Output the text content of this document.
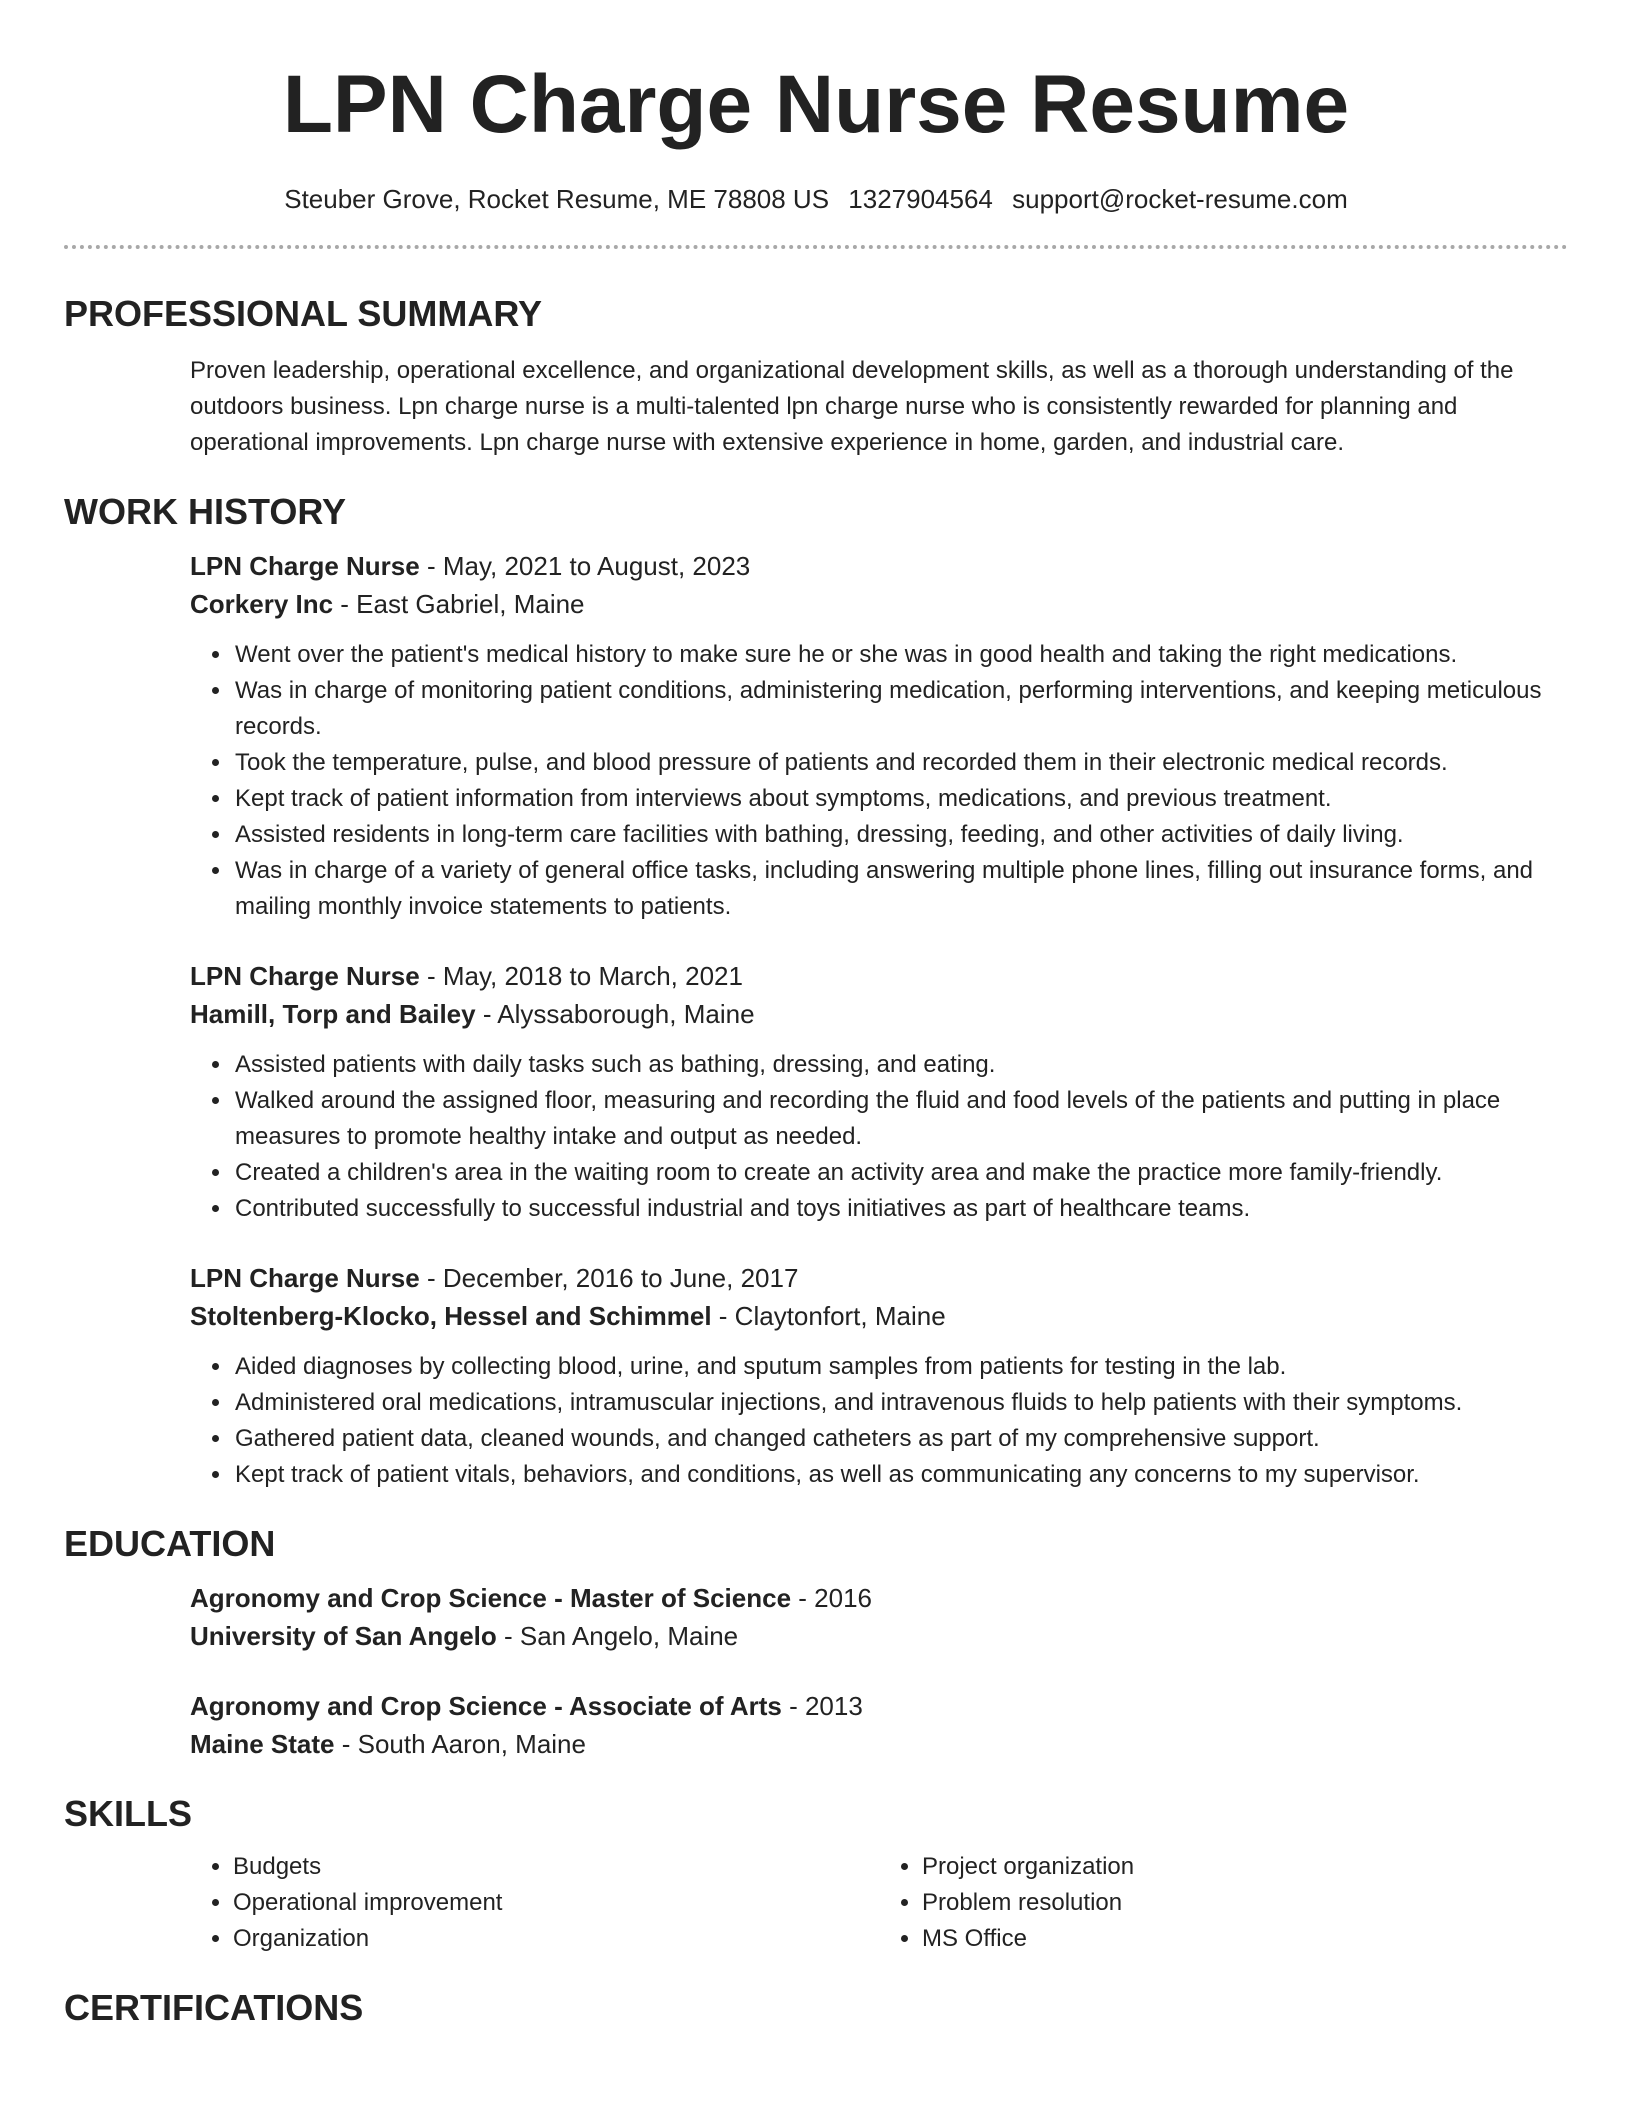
LPN Charge Nurse Resume
Steuber Grove, Rocket Resume, ME 78808 US 1327904564 support@rocket-resume.com
PROFESSIONAL SUMMARY

Proven leadership, operational excellence, and organizational development skills, as well as a thorough understanding of the outdoors business. Lpn charge nurse is a multi-talented lpn charge nurse who is consistently rewarded for planning and operational improvements. Lpn charge nurse with extensive experience in home, garden, and industrial care.

WORK HISTORY
LPN Charge Nurse - May, 2021 to August, 2023
Corkery Inc - East Gabriel, Maine
• Went over the patient's medical history to make sure he or she was in good health and taking the right medications.
• Was in charge of monitoring patient conditions, administering medication, performing interventions, and keeping meticulous records.
• Took the temperature, pulse, and blood pressure of patients and recorded them in their electronic medical records.
• Kept track of patient information from interviews about symptoms, medications, and previous treatment.
• Assisted residents in long-term care facilities with bathing, dressing, feeding, and other activities of daily living.
• Was in charge of a variety of general office tasks, including answering multiple phone lines, filling out insurance forms, and mailing monthly invoice statements to patients.
LPN Charge Nurse - May, 2018 to March, 2021
Hamill, Torp and Bailey - Alyssaborough, Maine
• Assisted patients with daily tasks such as bathing, dressing, and eating.
• Walked around the assigned floor, measuring and recording the fluid and food levels of the patients and putting in place measures to promote healthy intake and output as needed.
• Created a children's area in the waiting room to create an activity area and make the practice more family-friendly.
• Contributed successfully to successful industrial and toys initiatives as part of healthcare teams.
LPN Charge Nurse - December, 2016 to June, 2017
Stoltenberg-Klocko, Hessel and Schimmel - Claytonfort, Maine
• Aided diagnoses by collecting blood, urine, and sputum samples from patients for testing in the lab.
• Administered oral medications, intramuscular injections, and intravenous fluids to help patients with their symptoms.
• Gathered patient data, cleaned wounds, and changed catheters as part of my comprehensive support.
• Kept track of patient vitals, behaviors, and conditions, as well as communicating any concerns to my supervisor.
EDUCATION
Agronomy and Crop Science - Master of Science - 2016
University of San Angelo - San Angelo, Maine
Agronomy and Crop Science - Associate of Arts - 2013
Maine State - South Aaron, Maine
SKILLS
• Budgets
• Operational improvement
• Organization
• Project organization
• Problem resolution
• MS Office
CERTIFICATIONS
